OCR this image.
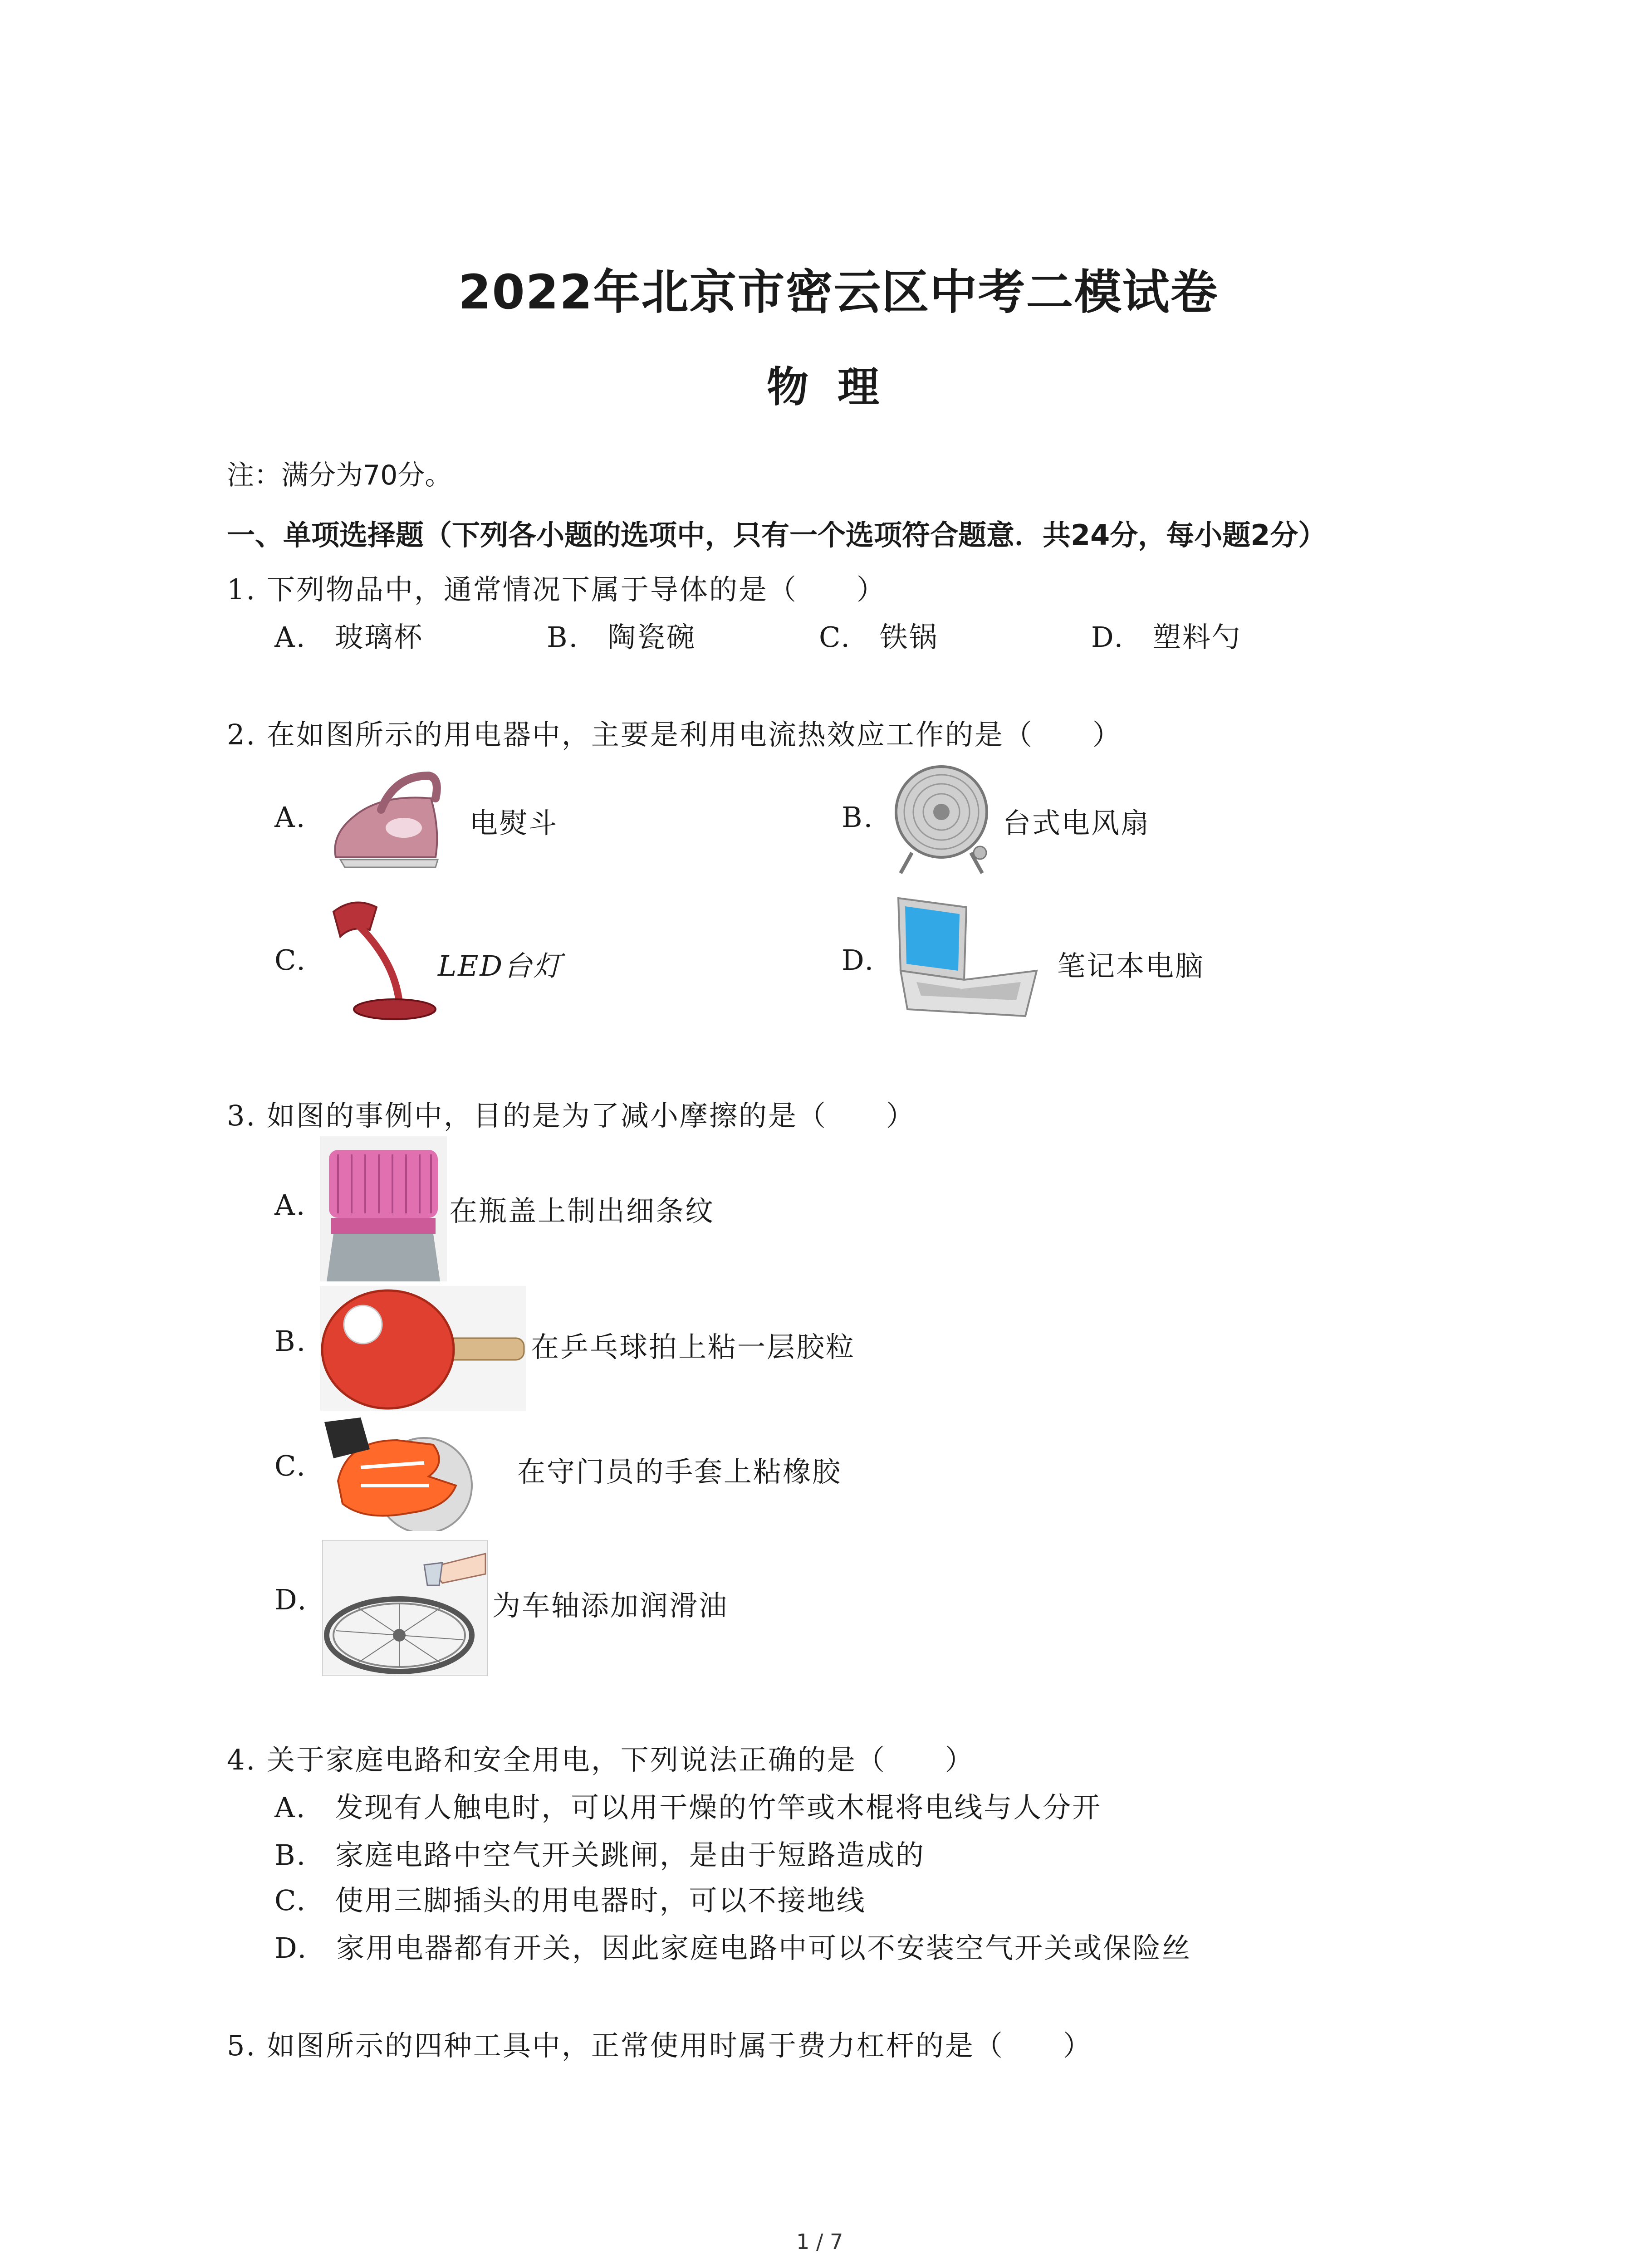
2022年北京市密云区中考二模试卷
物  理
注：满分为70分。
一、单项选择题（下列各小题的选项中，只有一个选项符合题意．共24分，每小题2分）
1. 下列物品中，通常情况下属于导体的是（　　）
A. 玻璃杯	B. 陶瓷碗	C. 铁锅	D. 塑料勺
2. 在如图所示的用电器中，主要是利用电流热效应工作的是（　　）
A.	电熨斗	B.	台式电风扇
C.	LED台灯	D.	笔记本电脑
3. 如图的事例中，目的是为了减小摩擦的是（　　）
A.	在瓶盖上制出细条纹
B.	在乒乓球拍上粘一层胶粒
C.	在守门员的手套上粘橡胶
D.	为车轴添加润滑油
4. 关于家庭电路和安全用电，下列说法正确的是（　　）
A. 发现有人触电时，可以用干燥的竹竿或木棍将电线与人分开
B. 家庭电路中空气开关跳闸，是由于短路造成的
C. 使用三脚插头的用电器时，可以不接地线
D. 家用电器都有开关，因此家庭电路中可以不安装空气开关或保险丝
5. 如图所示的四种工具中，正常使用时属于费力杠杆的是（　　）
1 / 7
